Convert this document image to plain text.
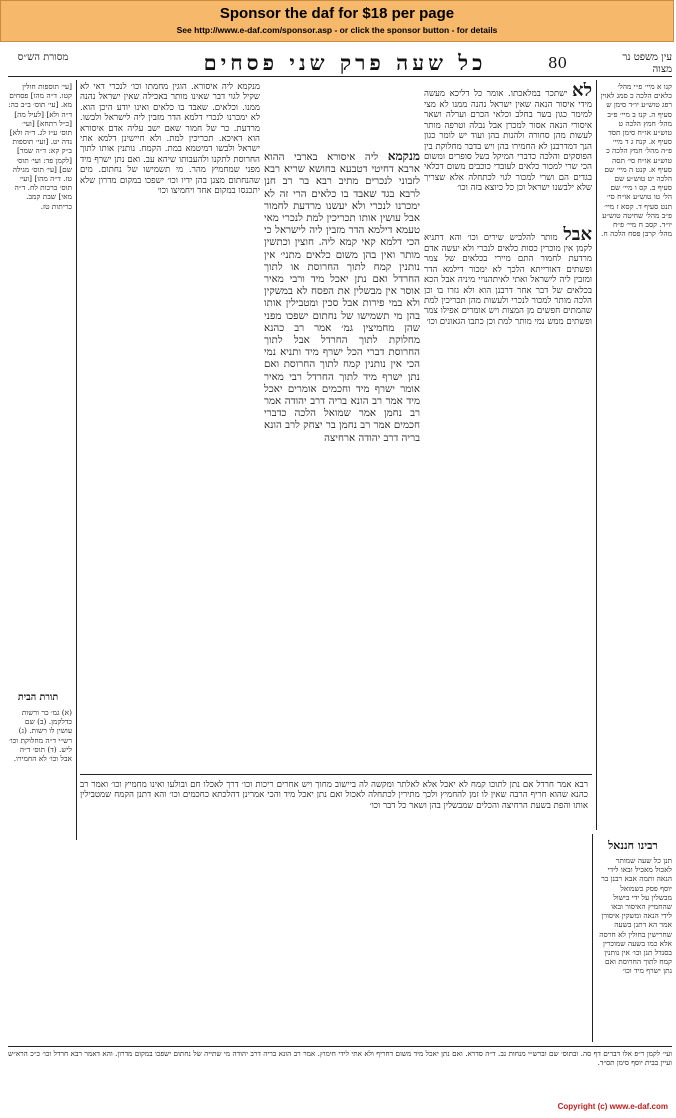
Sponsor the daf for $18 per page
See http://www.e-daf.com/sponsor.asp - or click the sponsor button - for details
מסורת הש״ס	כל שעה פרק שני פסחים	80	עין משפט נר מצוה
קנו א מיי׳ פ״י מהל׳ כלאים הלכה כ סמג לאוין רפג טוש״ע יו״ד סימן ש סעיף ה. קנז ב מיי׳ פ״ב מהל׳ חמץ הלכה ט טוש״ע או״ח סימן תסד סעיף א. קנח ג ד מיי׳ פ״ה מהל׳ חמץ הלכה כ טוש״ע או״ח סי׳ תסה סעיף א. קנט ה מיי׳ שם הלכה יט טוש״ע שם סעיף ב. קס ו מיי׳ שם הל׳ טו טוש״ע או״ח סי׳ תנט סעיף ד. קסא ז מיי׳ פ״ב מהל׳ שחיטה טוש״ע יו״ד. קסב ח מיי׳ פ״ח מהל׳ קרבן פסח הלכה ח.
[עי׳ תוספות חולין קטו. ד״ה מהו] פסחים מא. [עי׳ תוס׳ ב״ב כה: ד״ה ולא] [לעיל מה] [כ״ל רתחא] [ועי׳ תוס׳ ע״ז לג. ד״ה ולא] נדה יט. [ועי׳ תוספות ב״ק קא: ד״ה שמר] [לקמן פד: ועי׳ תוס׳ שם] [עי׳ תוס׳ מגילה טז. ד״ה מהו] [ועי׳ תוס׳ ברכות לח. ד״ה מאי] שבת קמב. כריתות טז.
תורת הבית
(א) גמ׳ כר ורשות כדלקמן. (ב) שם עושין לו רשות. (ג) רש״י ד״ה מחלוקת וכו׳ ליש. (ד) תוס׳ ד״ה אבל וכו׳ לא החמירו.
לא ישתכר במלאכתו. אומר כל דליכא מעשה מידי איסור הנאה שאין ישראל נהנה ממנו לא מצי למימר כגון בשר בחלב וכלאי הכרם וערלה ושאר איסורי הנאה אסור למכרן אבל נבלה וטרפה מותר לעשות מהן סחורה ולהנות בהן ועוד יש לומר כגון הנך דמדרבנן לא החמירו בהן ויש בדבר מחלוקת בין הפוסקים והלכה כדברי המיקל בשל סופרים ומשום הכי שרי למכור כלאים לעובדי כוכבים משום דכלאי בגדים הם ושרי למכור לגוי לכתחלה אלא שצריך שלא ילבשנו ישראל וכן כל כיוצא בזה וכו׳
אבל מותר להלביש שירים וכו׳ והא דתניא לקמן אין מוכרין כסות כלאים לנכרי ולא יעשה אדם מרדעת לחמור התם מיירי בכלאים של צמר ופשתים דאורייתא הלכך לא ימכור דילמא הדר ומזבין ליה לישראל ואתי לאיתהנויי מיניה אבל הכא בכלאים של דבר אחר דרבנן הוא ולא גזרו בו וכן הלכה מותר למכור לנכרי ולעשות מהן תכריכין למת שהמתים חפשים מן המצות ויש אומרים אפילו צמר ופשתים ממש נמי מותר למת וכן כתבו הגאונים וכו׳
מנקמא ליה איסורא בארבי ההוא ארבא דחיטי דטבעא בחושא שריא רבא לזבוני לנכרים מתיב רבא בר רב חנן לרבא בגד שאבד בו כלאים הרי זה לא ימכרנו לנכרי ולא יעשנו מרדעת לחמור אבל עושין אותו תכריכין למת לנכרי מאי טעמא דילמא הדר מזבין ליה לישראל כי הכי דלמא קאי קמא ליה. חוצין וכתשין מותר ואין בהן משום כלאים מתני׳ אין נותנין קמח לתוך החרוסת או לתוך החרדל ואם נתן יאכל מיד ורבי מאיר אוסר אין מבשלין את הפסח לא במשקין ולא במי פירות אבל סכין ומטבילין אותו בהן מי תשמישו של נחתום ישפכו מפני שהן מחמיצין גמ׳ אמר רב כהנא מחלוקת לתוך החרדל אבל לתוך החרוסת דברי הכל ישרף מיד ותניא נמי הכי אין נותנין קמח לתוך החרוסת ואם נתן ישרף מיד לתוך החרדל רבי מאיר אומר ישרף מיד וחכמים אומרים יאכל מיד אמר רב הונא בריה דרב יהודה אמר רב נחמן אמר שמואל הלכה כדברי חכמים אמר רב נחמן בר יצחק לרב הונא בריה דרב יהודה ארחיצה
מנקמא ליה איסורא. הוגין מחמתו וכו׳ לנכרי דאי לא שקיל לגוי דבר שאינו מותר באכילה שאין ישראל נהנה ממנו. וכלאים. שאבד בו כלאים ואינו יודע היכן הוא. לא ימכרנו לנכרי דלמא הדר מזבין ליה לישראל ולבשו. מרדעת. כר של חמור שאם ישב עליה אדם איסורא הוא דאיכא. תכריכין למת. ולא חיישינן דלמא אתי ישראל ולבשו דמיטמא במת. הקמח. נותנין אותו לתוך החרוסת לתקנו ולהעבותו שיהא עב. ואם נתן ישרף מיד מפני שמחמיץ מהר. מי תשמישו של נחתום. מים שהנחתום מצנן בהן ידיו וכו׳ ישפכו במקום מדרון שלא יתכנסו במקום אחד ויחמיצו וכו׳
רבא אמר חרדל אם נתן לתוכו קמח לא יאכל אלא לאלתר ומקשה לה ביישוב מחוך ויש אחרים ריכות וכו׳ דרך לאכלו חם ובולעו ואינו מחמיץ וכו׳ ואמר רב כהנא שהוא חריף הרבה שאין לו זמן להחמיץ ולכך מתירין לכתחלה לאכול ואם נתן יאכל מיד והכי אמרינן דהלכתא כחכמים וכו׳ והא דתנן הקמח שמטבילין אותו והפת בשעת הרחיצה והכלים שמבשלין בהן ושאר כל דבר וכו׳
רבינו חננאל
תנן כל שעה שמותר לאכול מאכיל ובאו לידי הנאה ותמה אבא רבנן בר יוסף פסק כשמואל מבשלין על ידי בישול שהחמיץ האיסור ובאו לידי הנאה ומשקין איסורן אמר הא דתנן בשעה שחרישין בחולין לא חרסה אלא כמו בשעה שמוכרין בסנדל תנן וכו׳ אין נותנין קמח לתוך החרוסת ואם נתן ישרף מיד וכו׳
ועי׳ לקמן ר״פ אלו דברים דף סה. ובתוס׳ שם וברש״י מנחות נב. ד״ה סדרא. ואם נתן יאכל מיד משום דחריף ולא אתי לידי חימוץ. אמר רב הונא בריה דרב יהודה מי שתייה של נחתום ישפכו במקום מדרון. והא דאמר רבא חרדל וכו׳ כ״כ הרא״ש ועיין בבית יוסף סימן תס״ד.
Copyright (c) www.e-daf.com
